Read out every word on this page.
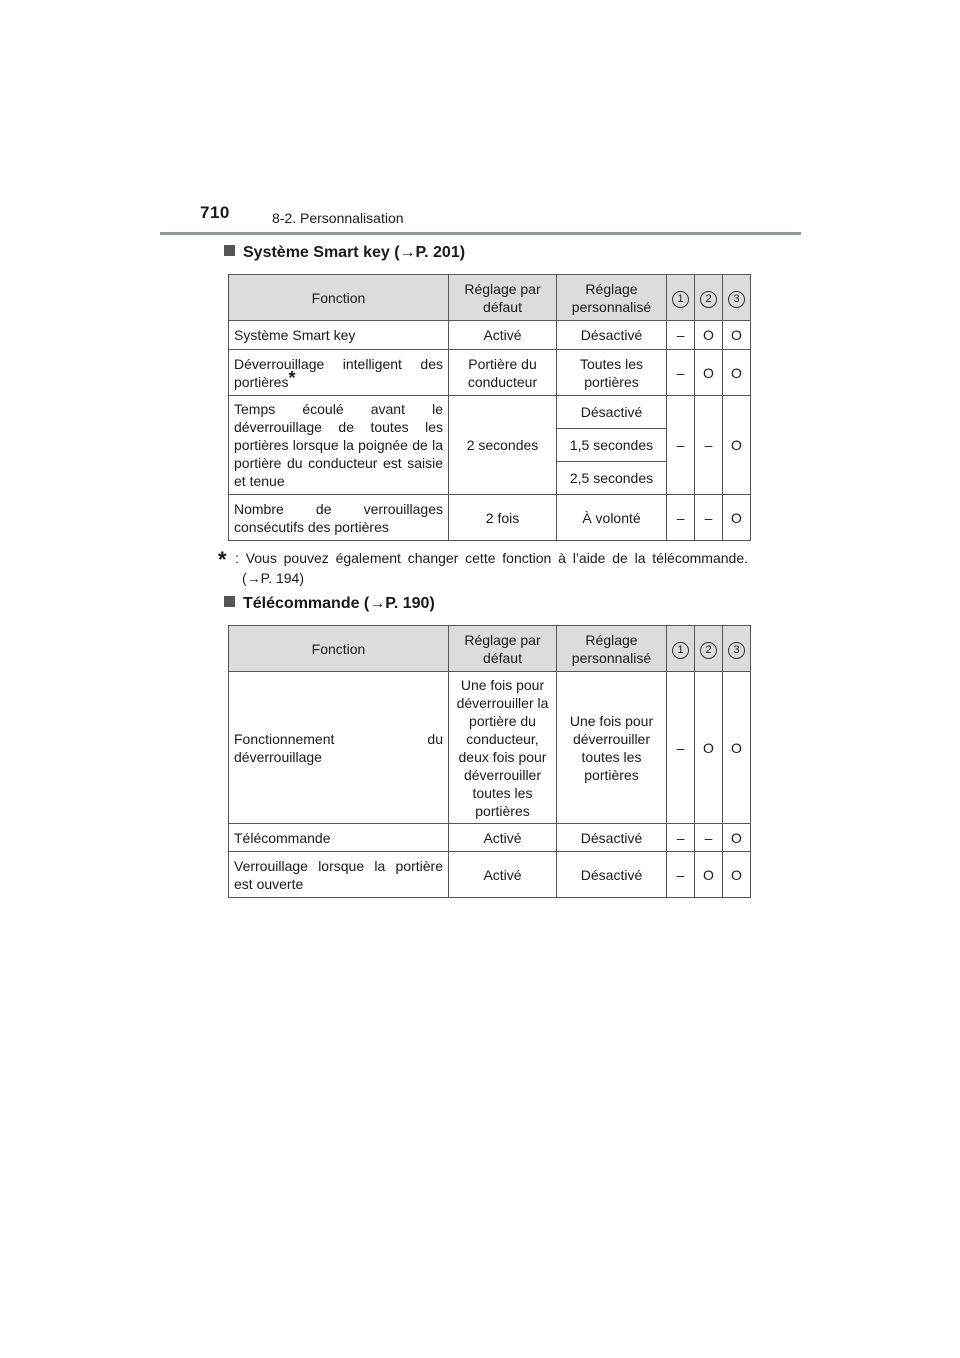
710	8-2. Personnalisation
Système Smart key (→P. 201)
Fonction	Réglage par défaut	Réglage personnalisé	1	2	3
Système Smart key	Activé	Désactivé	–	O	O
Déverrouillage intelligent des portières*	Portière du conducteur	Toutes les portières	–	O	O
Temps écoulé avant le déverrouillage de toutes les portières lorsque la poignée de la portière du conducteur est saisie et tenue	2 secondes	Désactivé	–	–	O
		1,5 secondes			
		2,5 secondes			
Nombre de verrouillages consécutifs des portières	2 fois	À volonté	–	–	O
* : Vous pouvez également changer cette fonction à l’aide de la télécommande. (→P. 194)
Télécommande (→P. 190)
Fonction	Réglage par défaut	Réglage personnalisé	1	2	3
Fonctionnement du déverrouillage	Une fois pour déverrouiller la portière du conducteur, deux fois pour déverrouiller toutes les portières	Une fois pour déverrouiller toutes les portières	–	O	O
Télécommande	Activé	Désactivé	–	–	O
Verrouillage lorsque la portière est ouverte	Activé	Désactivé	–	O	O
